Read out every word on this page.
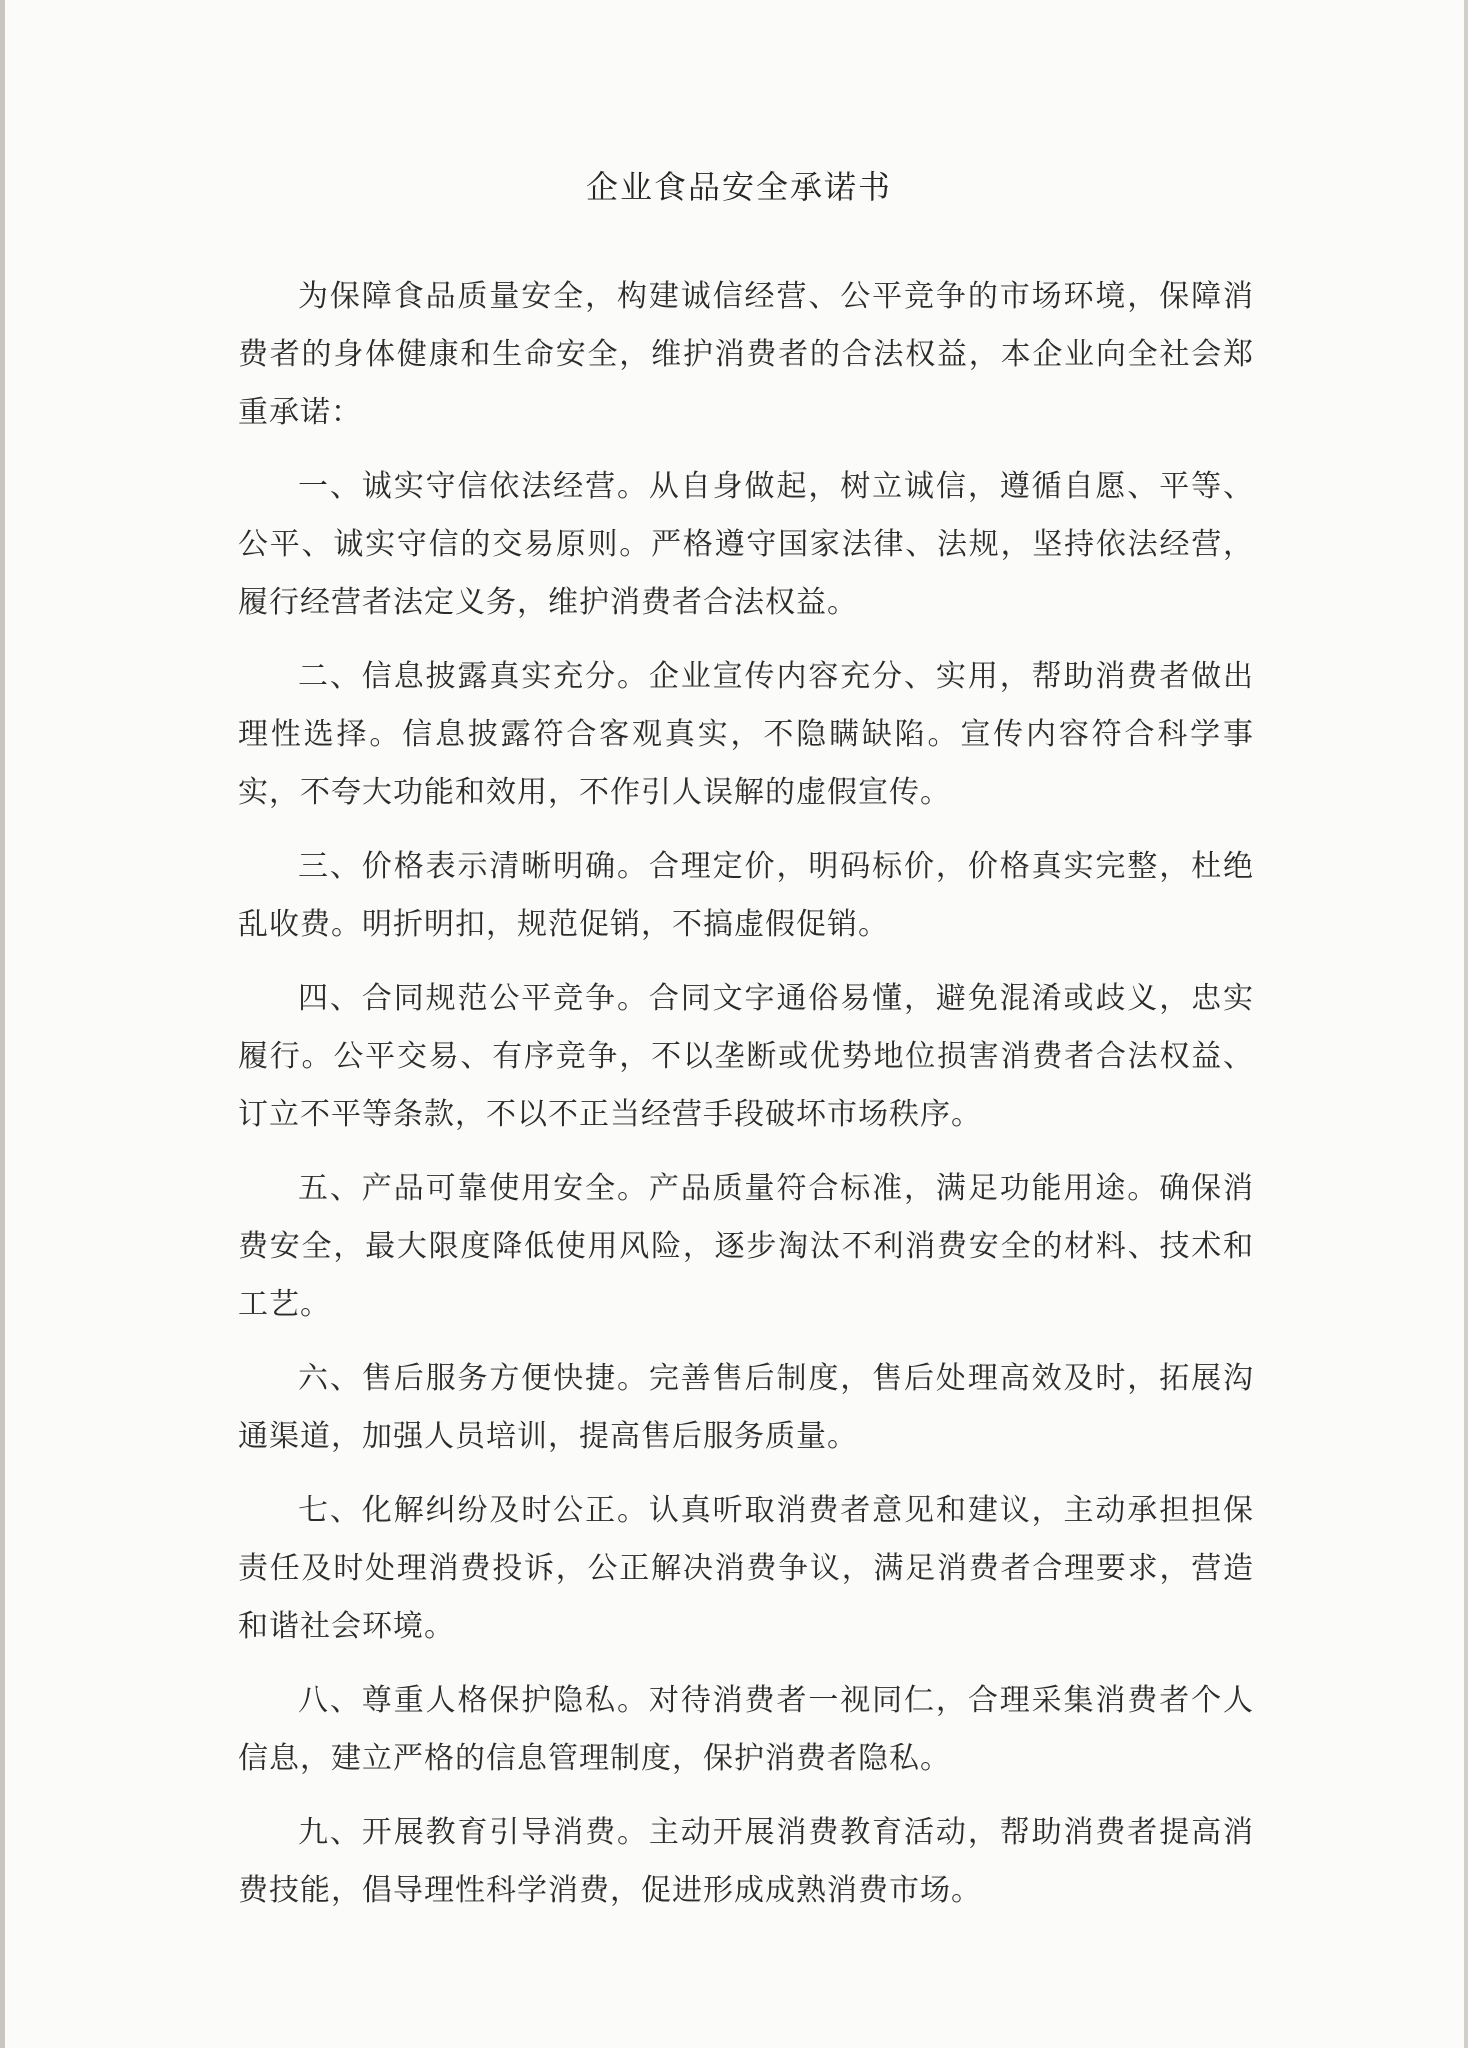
企业食品安全承诺书

为保障食品质量安全，构建诚信经营、公平竞争的市场环境，保障消费者的身体健康和生命安全，维护消费者的合法权益，本企业向全社会郑重承诺：

一、诚实守信依法经营。从自身做起，树立诚信，遵循自愿、平等、公平、诚实守信的交易原则。严格遵守国家法律、法规，坚持依法经营，履行经营者法定义务，维护消费者合法权益。

二、信息披露真实充分。企业宣传内容充分、实用，帮助消费者做出理性选择。信息披露符合客观真实，不隐瞒缺陷。宣传内容符合科学事实，不夸大功能和效用，不作引人误解的虚假宣传。

三、价格表示清晰明确。合理定价，明码标价，价格真实完整，杜绝乱收费。明折明扣，规范促销，不搞虚假促销。

四、合同规范公平竞争。合同文字通俗易懂，避免混淆或歧义，忠实履行。公平交易、有序竞争，不以垄断或优势地位损害消费者合法权益、订立不平等条款，不以不正当经营手段破坏市场秩序。

五、产品可靠使用安全。产品质量符合标准，满足功能用途。确保消费安全，最大限度降低使用风险，逐步淘汰不利消费安全的材料、技术和工艺。

六、售后服务方便快捷。完善售后制度，售后处理高效及时，拓展沟通渠道，加强人员培训，提高售后服务质量。

七、化解纠纷及时公正。认真听取消费者意见和建议，主动承担担保责任及时处理消费投诉，公正解决消费争议，满足消费者合理要求，营造和谐社会环境。

八、尊重人格保护隐私。对待消费者一视同仁，合理采集消费者个人信息，建立严格的信息管理制度，保护消费者隐私。

九、开展教育引导消费。主动开展消费教育活动，帮助消费者提高消费技能，倡导理性科学消费，促进形成成熟消费市场。
